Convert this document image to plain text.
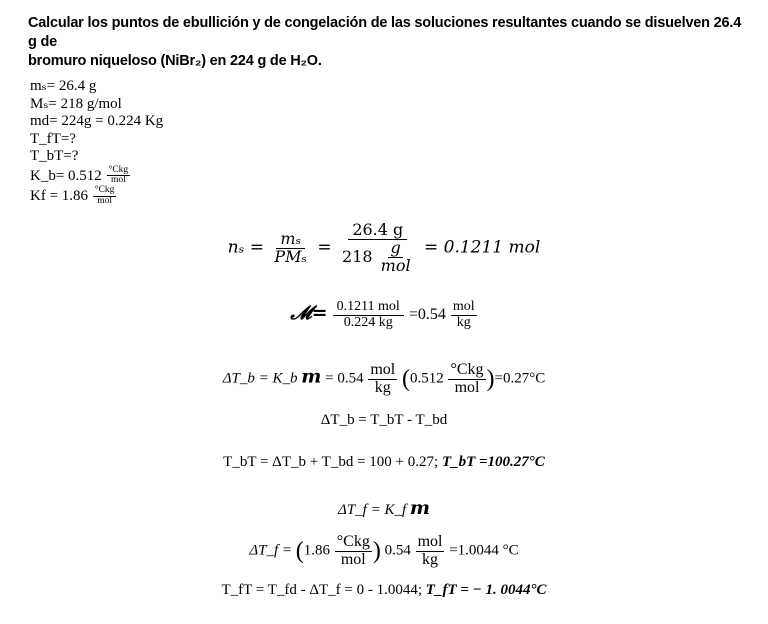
Calcular los puntos de ebullición y de congelación de las soluciones resultantes cuando se disuelven 26.4 g de
bromuro niqueloso (NiBr₂) en 224 g de H₂O.
mₛ= 26.4 g
Mₛ= 218 g/mol
md= 224g = 0.224 Kg
T_fT=?
T_bT=?
K_b= $0.512 \frac{\text{°Ckg}}{\text{mol}}$
$Kf = 1.86 \frac{\text{°Ckg}}{\text{mol}}$
$n_s = \frac{\text{mₛ}}{\text{PMₛ}} = \frac{26.4 g}{218 \frac{g}{\text{mol}}} = 0.1211$ mol
𝓜= $\frac{\text{0.1211 mol}}{0.224 kg} =0.54 \frac{\text{mol}}{kg}$
ΔT_b = K_b $m = 0.54 \frac{\text{mol}}{kg} (0.512 \frac{\text{°Ckg}}{\text{mol}} )=0.27^\circ C$
ΔT_b = T_bT - T_bd
T_bT = ΔT_b + T_bd = 100 + 0.27; T_bT =100.27°C
ΔT_f = K_f m
ΔT_f = ($1.86 \frac{\text{°Ckg}}{\text{mol}}$ ) $0.54 \frac{\text{mol}}{kg} =1.0044$ °C
T_fT = T_fd - ΔT_f = 0 - 1.0044; T_fT = − 1. 0044°C
